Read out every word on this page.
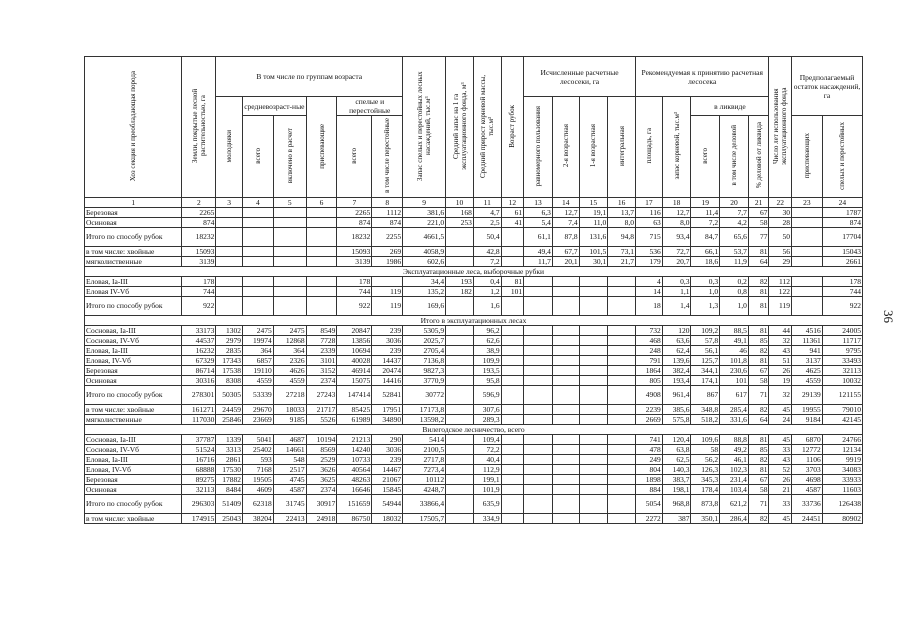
Хоз секция и преобладающая порода	Земли, покрытые лесной растительностью, га	В том числе по группам возраста						Запас спелых и перестойных лесных насаждений, тыс.м³	Средний запас на 1 га эксплуатационного фонда, м³	Средний прирост корневой массы, тыс.м³	Возраст рубок	Исчисленные расчетные лесосеки, га				Рекомендуемая к принятию расчетная лесосека					Число лет использования эксплуатационного фонда	Предполагаемый остаток насаждений, га	
		молодняки	средневозраст-ные		приспевающие	спелые и перестойные						равномерного пользования	2-я возрастная	1-я возрастная	интегральная	площадь, га	запас корневой, тыс.м³	в ликвиде					
			всего	включено в расчет		всего	в том числе перестойные											всего	в том числе деловой	% деловой от ликвида		приспевающих	спелых и перестойных

1	2	3	4	5	6	7	8	9	10	11	12	13	14	15	16	17	18	19	20	21	22	23	24
Березовая	2265					2265	1112	381,6	168	4,7	61	6,3	12,7	19,1	13,7	116	12,7	11,4	7,7	67	30		1787
Осиновая	874					874	874	221,0	253	2,5	41	5,4	7,4	11,0	8,0	63	8,0	7,2	4,2	58	28		874
Итого по способу рубок	18232					18232	2255	4661,5		50,4		61,1	87,8	131,6	94,8	715	93,4	84,7	65,6	77	50		17704
в том числе: хвойные	15093					15093	269	4058,9		42,8		49,4	67,7	101,5	73,1	536	72,7	66,1	53,7	81	56		15043
мягколиственные	3139					3139	1986	602,6		7,2		11,7	20,1	30,1	21,7	179	20,7	18,6	11,9	64	29		2661
Эксплуатационные леса, выборочные рубки																							
Еловая, Ia-III	178					178		34,4	193	0,4	81					4	0,3	0,3	0,2	82	112		178
Еловая IV-Vб	744					744	119	135,2	182	1,2	101					14	1,1	1,0	0,8	81	122		744
Итого по способу рубок	922					922	119	169,6		1,6						18	1,4	1,3	1,0	81	119		922
Итого в эксплуатационных лесах																							
Сосновая, Ia-III	33173	1302	2475	2475	8549	20847	239	5305,9		96,2						732	120	109,2	88,5	81	44	4516	24005
Сосновая, IV-Vб	44537	2979	19974	12868	7728	13856	3036	2025,7		62,6						468	63,6	57,8	49,1	85	32	11361	11717
Еловая, Ia-III	16232	2835	364	364	2339	10694	239	2705,4		38,9						248	62,4	56,1	46	82	43	941	9795
Еловая, IV-Vб	67329	17343	6857	2326	3101	40028	14437	7136,8		109,9						791	139,6	125,7	101,8	81	51	3137	33493
Березовая	86714	17538	19110	4626	3152	46914	20474	9827,3		193,5						1864	382,4	344,1	230,6	67	26	4625	32113
Осиновая	30316	8308	4559	4559	2374	15075	14416	3770,9		95,8						805	193,4	174,1	101	58	19	4559	10032
Итого по способу рубок	278301	50305	53339	27218	27243	147414	52841	30772		596,9						4908	961,4	867	617	71	32	29139	121155
в том числе: хвойные	161271	24459	29670	18033	21717	85425	17951	17173,8		307,6						2239	385,6	348,8	285,4	82	45	19955	79010
мягколиственные	117030	25846	23669	9185	5526	61989	34890	13598,2		289,3						2669	575,8	518,2	331,6	64	24	9184	42145
Вилегодское лесничество, всего																							
Сосновая, Ia-III	37787	1339	5041	4687	10194	21213	290	5414		109,4						741	120,4	109,6	88,8	81	45	6870	24766
Сосновая, IV-Vб	51524	3313	25402	14661	8569	14240	3036	2100,5		72,2						478	63,8	58	49,2	85	33	12772	12134
Еловая, Ia-III	16716	2861	593	548	2529	10733	239	2717,8		40,4						249	62,5	56,2	46,1	82	43	1106	9919
Еловая, IV-Vб	68888	17530	7168	2517	3626	40564	14467	7273,4		112,9						804	140,3	126,3	102,3	81	52	3703	34083
Березовая	89275	17882	19505	4745	3625	48263	21067	10112		199,1						1898	383,7	345,3	231,4	67	26	4698	33933
Осиновая	32113	8484	4609	4587	2374	16646	15845	4248,7		101,9						884	198,1	178,4	103,4	58	21	4587	11603
Итого по способу рубок	296303	51409	62318	31745	30917	151659	54944	33866,4		635,9						5054	968,8	873,8	621,2	71	33	33736	126438
в том числе: хвойные	174915	25043	38204	22413	24918	86750	18032	17505,7		334,9						2272	387	350,1	286,4	82	45	24451	80902
36
